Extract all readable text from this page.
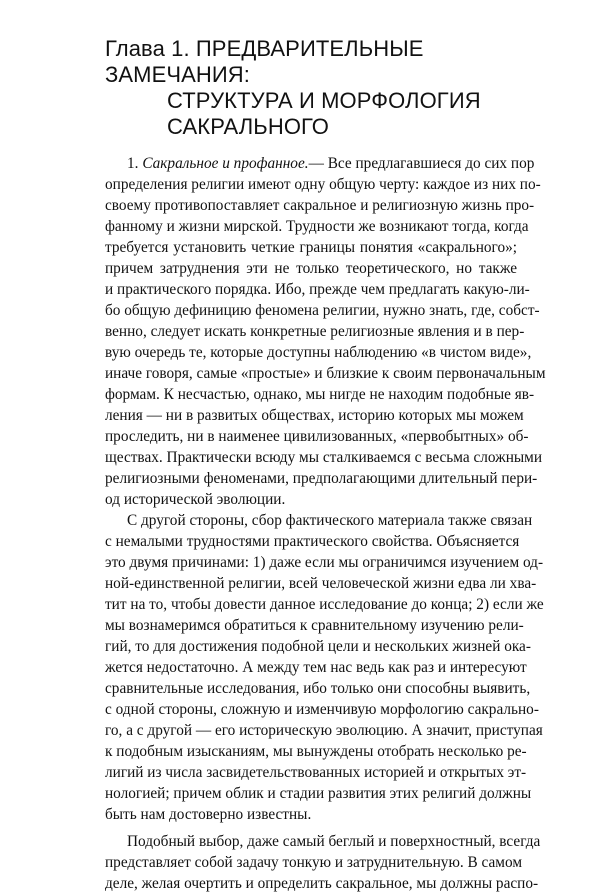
Глава 1. ПРЕДВАРИТЕЛЬНЫЕ ЗАМЕЧАНИЯ:
СТРУКТУРА И МОРФОЛОГИЯ
САКРАЛЬНОГО
1. Сакральное и профанное.— Все предлагавшиеся до сих пор
определения религии имеют одну общую черту: каждое из них по-
своему противопоставляет сакральное и религиозную жизнь про-
фанному и жизни мирской. Трудности же возникают тогда, когда
требуется установить четкие границы понятия «сакрального»;
причем затруднения эти не только теоретического, но также
и практического порядка. Ибо, прежде чем предлагать какую-ли-
бо общую дефиницию феномена религии, нужно знать, где, собст-
венно, следует искать конкретные религиозные явления и в пер-
вую очередь те, которые доступны наблюдению «в чистом виде»,
иначе говоря, самые «простые» и близкие к своим первоначальным
формам. К несчастью, однако, мы нигде не находим подобные яв-
ления — ни в развитых обществах, историю которых мы можем
проследить, ни в наименее цивилизованных, «первобытных» об-
ществах. Практически всюду мы сталкиваемся с весьма сложными
религиозными феноменами, предполагающими длительный пери-
од исторической эволюции.
С другой стороны, сбор фактического материала также связан
с немалыми трудностями практического свойства. Объясняется
это двумя причинами: 1) даже если мы ограничимся изучением од-
ной-единственной религии, всей человеческой жизни едва ли хва-
тит на то, чтобы довести данное исследование до конца; 2) если же
мы вознамеримся обратиться к сравнительному изучению рели-
гий, то для достижения подобной цели и нескольких жизней ока-
жется недостаточно. А между тем нас ведь как раз и интересуют
сравнительные исследования, ибо только они способны выявить,
с одной стороны, сложную и изменчивую морфологию сакрально-
го, а с другой — его историческую эволюцию. А значит, приступая
к подобным изысканиям, мы вынуждены отобрать несколько ре-
лигий из числа засвидетельствованных историей и открытых эт-
нологией; причем облик и стадии развития этих религий должны
быть нам достоверно известны.
Подобный выбор, даже самый беглый и поверхностный, всегда
представляет собой задачу тонкую и затруднительную. В самом
деле, желая очертить и определить сакральное, мы должны распо-
